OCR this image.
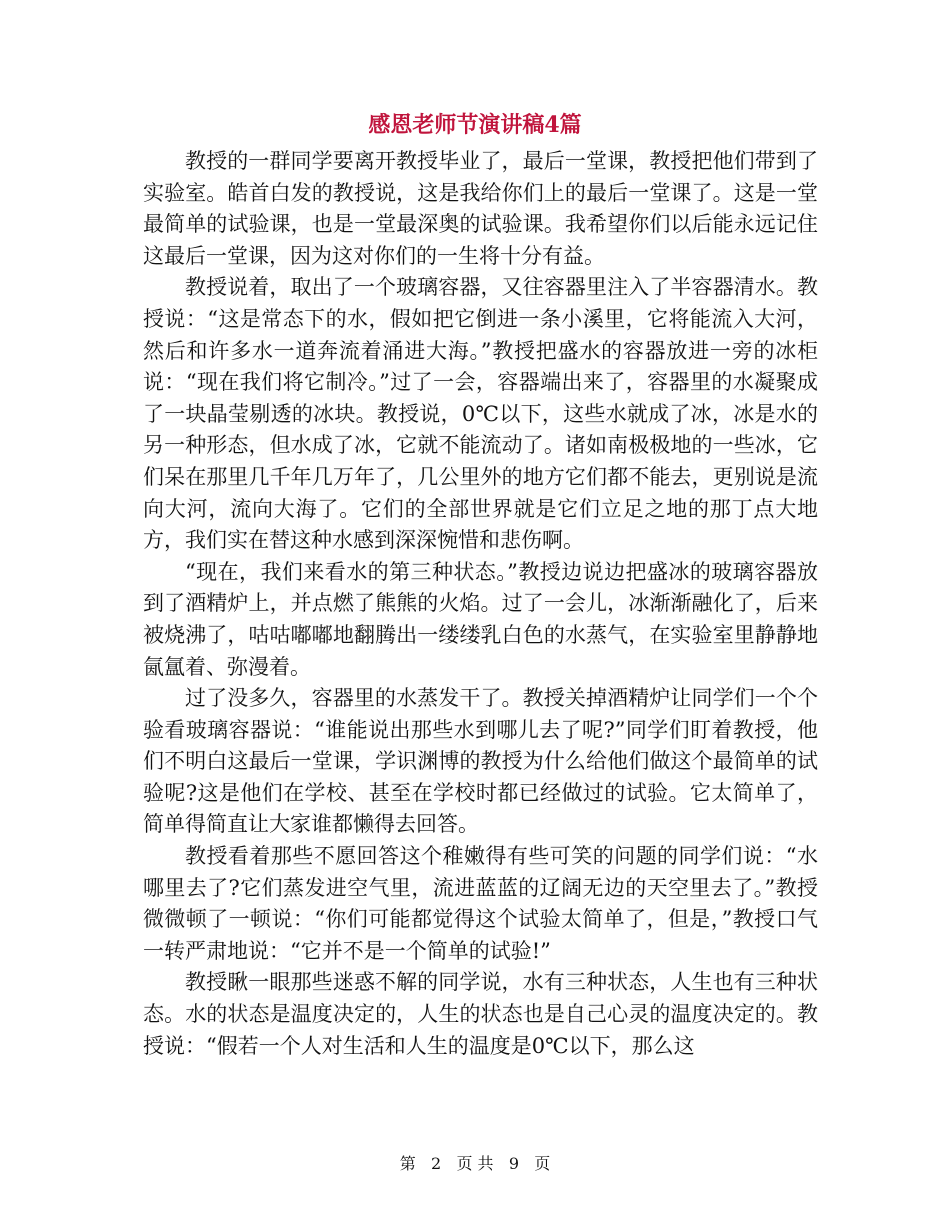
感恩老师节演讲稿4篇

教授的一群同学要离开教授毕业了，最后一堂课，教授把他们带到了实验室。皓首白发的教授说，这是我给你们上的最后一堂课了。这是一堂最简单的试验课，也是一堂最深奥的试验课。我希望你们以后能永远记住这最后一堂课，因为这对你们的一生将十分有益。

教授说着，取出了一个玻璃容器，又往容器里注入了半容器清水。教授说：“这是常态下的水，假如把它倒进一条小溪里，它将能流入大河，然后和许多水一道奔流着涌进大海。”教授把盛水的容器放进一旁的冰柜说：“现在我们将它制冷。”过了一会，容器端出来了，容器里的水凝聚成了一块晶莹剔透的冰块。教授说，0℃以下，这些水就成了冰，冰是水的另一种形态，但水成了冰，它就不能流动了。诸如南极极地的一些冰，它们呆在那里几千年几万年了，几公里外的地方它们都不能去，更别说是流向大河，流向大海了。它们的全部世界就是它们立足之地的那丁点大地方，我们实在替这种水感到深深惋惜和悲伤啊。

“现在，我们来看水的第三种状态。”教授边说边把盛冰的玻璃容器放到了酒精炉上，并点燃了熊熊的火焰。过了一会儿，冰渐渐融化了，后来被烧沸了，咕咕嘟嘟地翻腾出一缕缕乳白色的水蒸气，在实验室里静静地氤氲着、弥漫着。

过了没多久，容器里的水蒸发干了。教授关掉酒精炉让同学们一个个验看玻璃容器说：“谁能说出那些水到哪儿去了呢?”同学们盯着教授，他们不明白这最后一堂课，学识渊博的教授为什么给他们做这个最简单的试验呢?这是他们在学校、甚至在学校时都已经做过的试验。它太简单了，简单得简直让大家谁都懒得去回答。

教授看着那些不愿回答这个稚嫩得有些可笑的问题的同学们说：“水哪里去了?它们蒸发进空气里，流进蓝蓝的辽阔无边的天空里去了。”教授微微顿了一顿说：“你们可能都觉得这个试验太简单了，但是，”教授口气一转严肃地说：“它并不是一个简单的试验!”

教授瞅一眼那些迷惑不解的同学说，水有三种状态，人生也有三种状态。水的状态是温度决定的，人生的状态也是自己心灵的温度决定的。教授说：“假若一个人对生活和人生的温度是0℃以下，那么这

第 2 页 共 9 页
